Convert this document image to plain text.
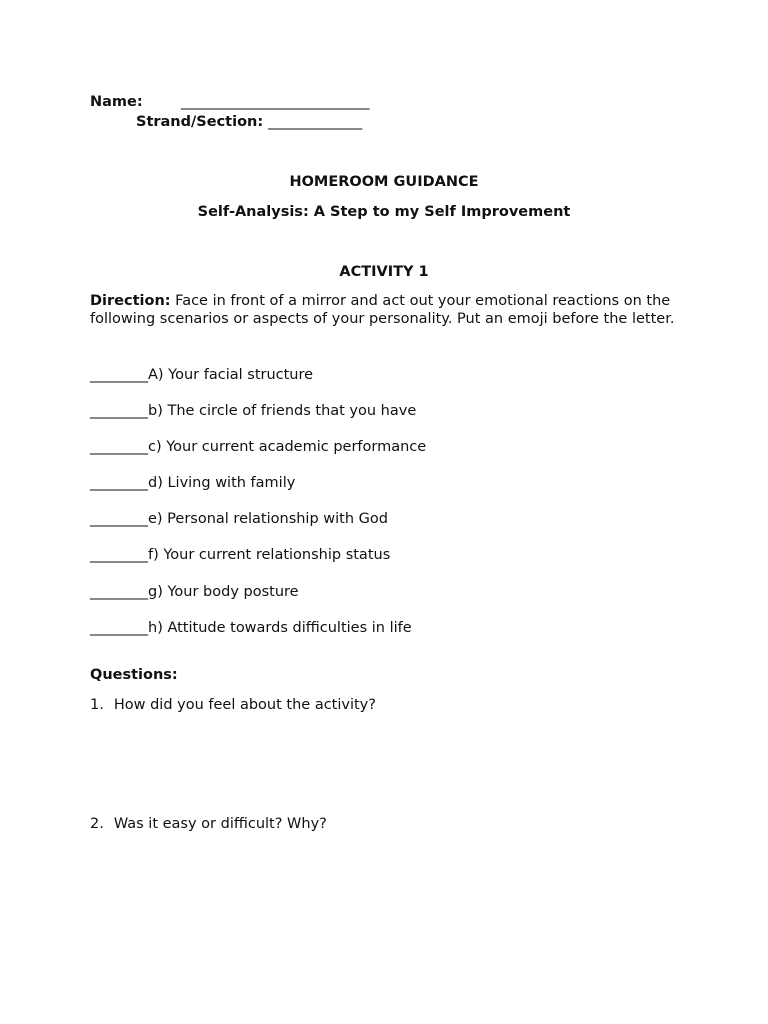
Name:	__________________________
Strand/Section: _____________
HOMEROOM GUIDANCE
Self-Analysis: A Step to my Self Improvement
ACTIVITY 1
Direction: Face in front of a mirror and act out your emotional reactions on the following scenarios or aspects of your personality. Put an emoji before the letter.
________A) Your facial structure
________b) The circle of friends that you have
________c) Your current academic performance
________d) Living with family
________e) Personal relationship with God
________f) Your current relationship status
________g) Your body posture
________h) Attitude towards difficulties in life
Questions:
1. How did you feel about the activity?
2. Was it easy or difficult? Why?
